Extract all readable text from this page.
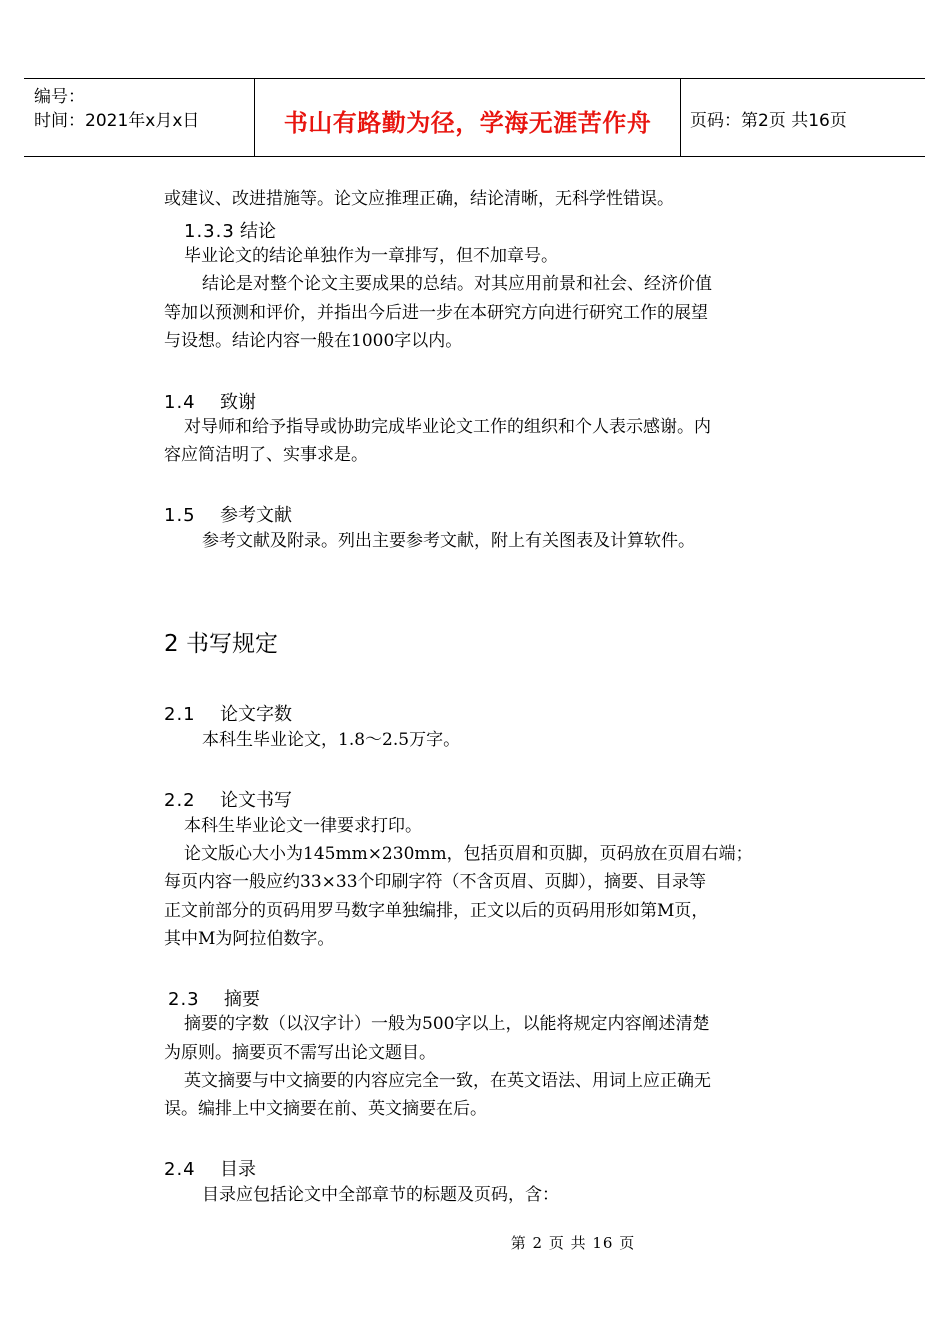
编号：
时间：2021年x月x日	书山有路勤为径，学海无涯苦作舟	页码：第2页 共16页
或建议、改进措施等。论文应推理正确，结论清晰，无科学性错误。
1.3.3 结论
毕业论文的结论单独作为一章排写，但不加章号。
结论是对整个论文主要成果的总结。对其应用前景和社会、经济价值
等加以预测和评价，并指出今后进一步在本研究方向进行研究工作的展望
与设想。结论内容一般在1000字以内。
1.4 致谢
对导师和给予指导或协助完成毕业论文工作的组织和个人表示感谢。内
容应简洁明了、实事求是。
1.5 参考文献
参考文献及附录。列出主要参考文献，附上有关图表及计算软件。
2 书写规定
2.1 论文字数
本科生毕业论文，1.8～2.5万字。
2.2 论文书写
本科生毕业论文一律要求打印。
论文版心大小为145mm×230mm，包括页眉和页脚，页码放在页眉右端；
每页内容一般应约33×33个印刷字符（不含页眉、页脚），摘要、目录等
正文前部分的页码用罗马数字单独编排，正文以后的页码用形如第M页，
其中M为阿拉伯数字。
2.3 摘要
摘要的字数（以汉字计）一般为500字以上，以能将规定内容阐述清楚
为原则。摘要页不需写出论文题目。
英文摘要与中文摘要的内容应完全一致，在英文语法、用词上应正确无
误。编排上中文摘要在前、英文摘要在后。
2.4 目录
目录应包括论文中全部章节的标题及页码，含：
第 2 页 共 16 页
